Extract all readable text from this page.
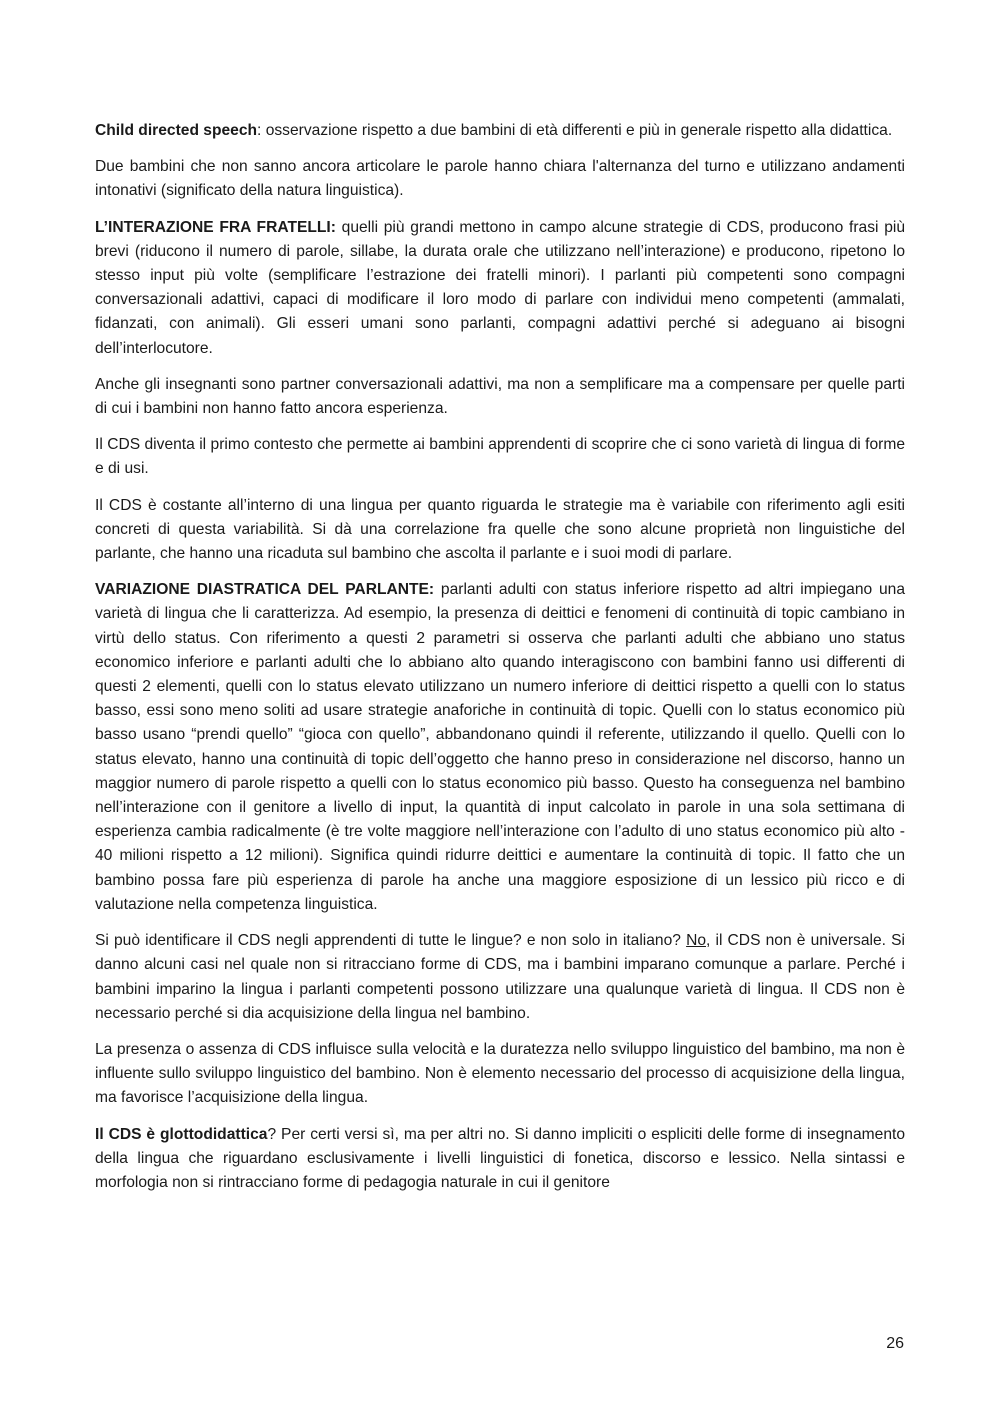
Child directed speech: osservazione rispetto a due bambini di età differenti e più in generale rispetto alla didattica.

Due bambini che non sanno ancora articolare le parole hanno chiara l'alternanza del turno e utilizzano andamenti intonativi (significato della natura linguistica).

L’INTERAZIONE FRA FRATELLI: quelli più grandi mettono in campo alcune strategie di CDS, producono frasi più brevi (riducono il numero di parole, sillabe, la durata orale che utilizzano nell’interazione) e producono, ripetono lo stesso input più volte (semplificare l’estrazione dei fratelli minori). I parlanti più competenti sono compagni conversazionali adattivi, capaci di modificare il loro modo di parlare con individui meno competenti (ammalati, fidanzati, con animali). Gli esseri umani sono parlanti, compagni adattivi perché si adeguano ai bisogni dell’interlocutore.

Anche gli insegnanti sono partner conversazionali adattivi, ma non a semplificare ma a compensare per quelle parti di cui i bambini non hanno fatto ancora esperienza.

Il CDS diventa il primo contesto che permette ai bambini apprendenti di scoprire che ci sono varietà di lingua di forme e di usi.

Il CDS è costante all’interno di una lingua per quanto riguarda le strategie ma è variabile con riferimento agli esiti concreti di questa variabilità. Si dà una correlazione fra quelle che sono alcune proprietà non linguistiche del parlante, che hanno una ricaduta sul bambino che ascolta il parlante e i suoi modi di parlare.

VARIAZIONE DIASTRATICA DEL PARLANTE: parlanti adulti con status inferiore rispetto ad altri impiegano una varietà di lingua che li caratterizza. Ad esempio, la presenza di deittici e fenomeni di continuità di topic cambiano in virtù dello status. Con riferimento a questi 2 parametri si osserva che parlanti adulti che abbiano uno status economico inferiore e parlanti adulti che lo abbiano alto quando interagiscono con bambini fanno usi differenti di questi 2 elementi, quelli con lo status elevato utilizzano un numero inferiore di deittici rispetto a quelli con lo status basso, essi sono meno soliti ad usare strategie anaforiche in continuità di topic. Quelli con lo status economico più basso usano “prendi quello” “gioca con quello”, abbandonano quindi il referente, utilizzando il quello. Quelli con lo status elevato, hanno una continuità di topic dell’oggetto che hanno preso in considerazione nel discorso, hanno un maggior numero di parole rispetto a quelli con lo status economico più basso. Questo ha conseguenza nel bambino nell’interazione con il genitore a livello di input, la quantità di input calcolato in parole in una sola settimana di esperienza cambia radicalmente (è tre volte maggiore nell’interazione con l’adulto di uno status economico più alto - 40 milioni rispetto a 12 milioni). Significa quindi ridurre deittici e aumentare la continuità di topic. Il fatto che un bambino possa fare più esperienza di parole ha anche una maggiore esposizione di un lessico più ricco e di valutazione nella competenza linguistica.

Si può identificare il CDS negli apprendenti di tutte le lingue? e non solo in italiano? No, il CDS non è universale. Si danno alcuni casi nel quale non si ritracciano forme di CDS, ma i bambini imparano comunque a parlare. Perché i bambini imparino la lingua i parlanti competenti possono utilizzare una qualunque varietà di lingua. Il CDS non è necessario perché si dia acquisizione della lingua nel bambino.

La presenza o assenza di CDS influisce sulla velocità e la duratezza nello sviluppo linguistico del bambino, ma non è influente sullo sviluppo linguistico del bambino. Non è elemento necessario del processo di acquisizione della lingua, ma favorisce l’acquisizione della lingua.

Il CDS è glottodidattica? Per certi versi sì, ma per altri no. Si danno impliciti o espliciti delle forme di insegnamento della lingua che riguardano esclusivamente i livelli linguistici di fonetica, discorso e lessico. Nella sintassi e morfologia non si rintracciano forme di pedagogia naturale in cui il genitore

26
